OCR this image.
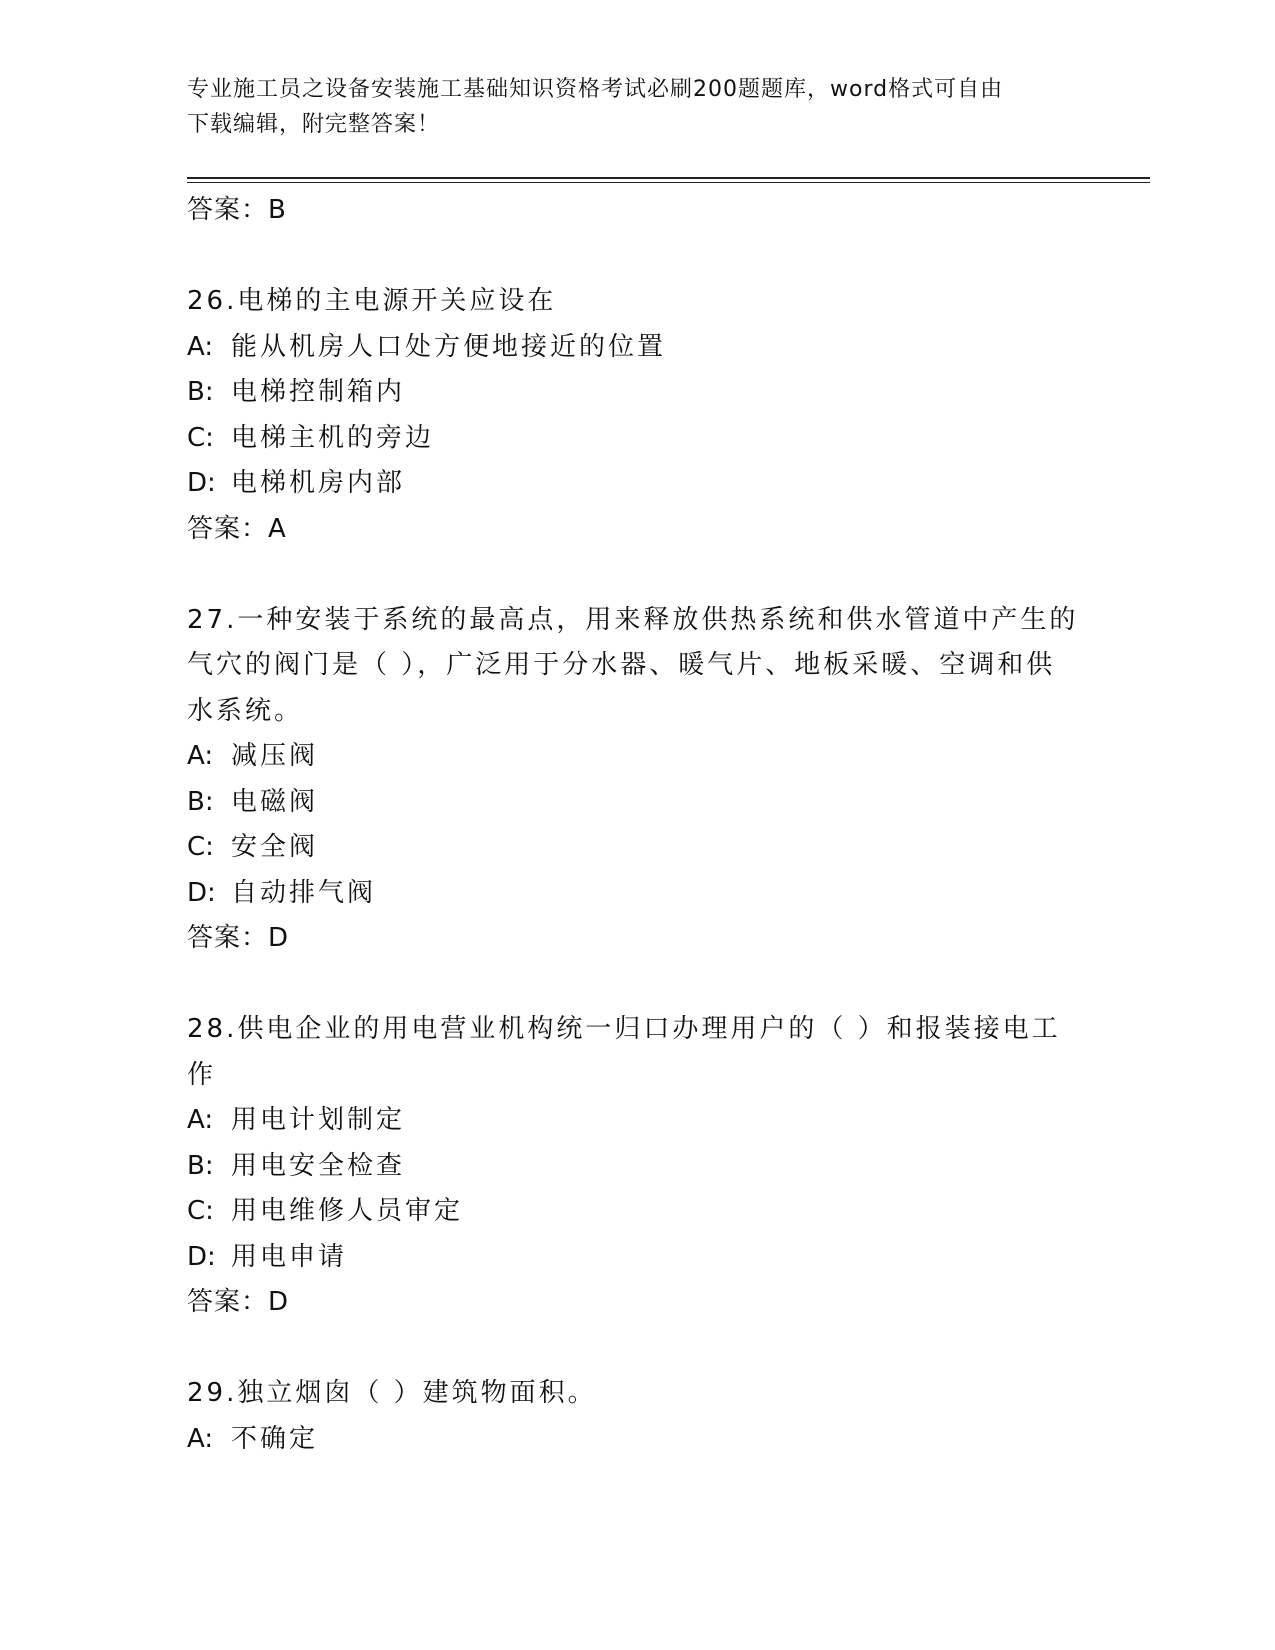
专业施工员之设备安装施工基础知识资格考试必刷200题题库，word格式可自由
下载编辑，附完整答案！
答案：B
26.电梯的主电源开关应设在
A: 能从机房人口处方便地接近的位置
B: 电梯控制箱内
C: 电梯主机的旁边
D: 电梯机房内部
答案：A
27.一种安装于系统的最高点，用来释放供热系统和供水管道中产生的
气穴的阀门是（ ），广泛用于分水器、暖气片、地板采暖、空调和供
水系统。
A: 减压阀
B: 电磁阀
C: 安全阀
D: 自动排气阀
答案：D
28.供电企业的用电营业机构统一归口办理用户的（ ）和报装接电工
作
A: 用电计划制定
B: 用电安全检查
C: 用电维修人员审定
D: 用电申请
答案：D
29.独立烟囱（ ）建筑物面积。
A: 不确定
